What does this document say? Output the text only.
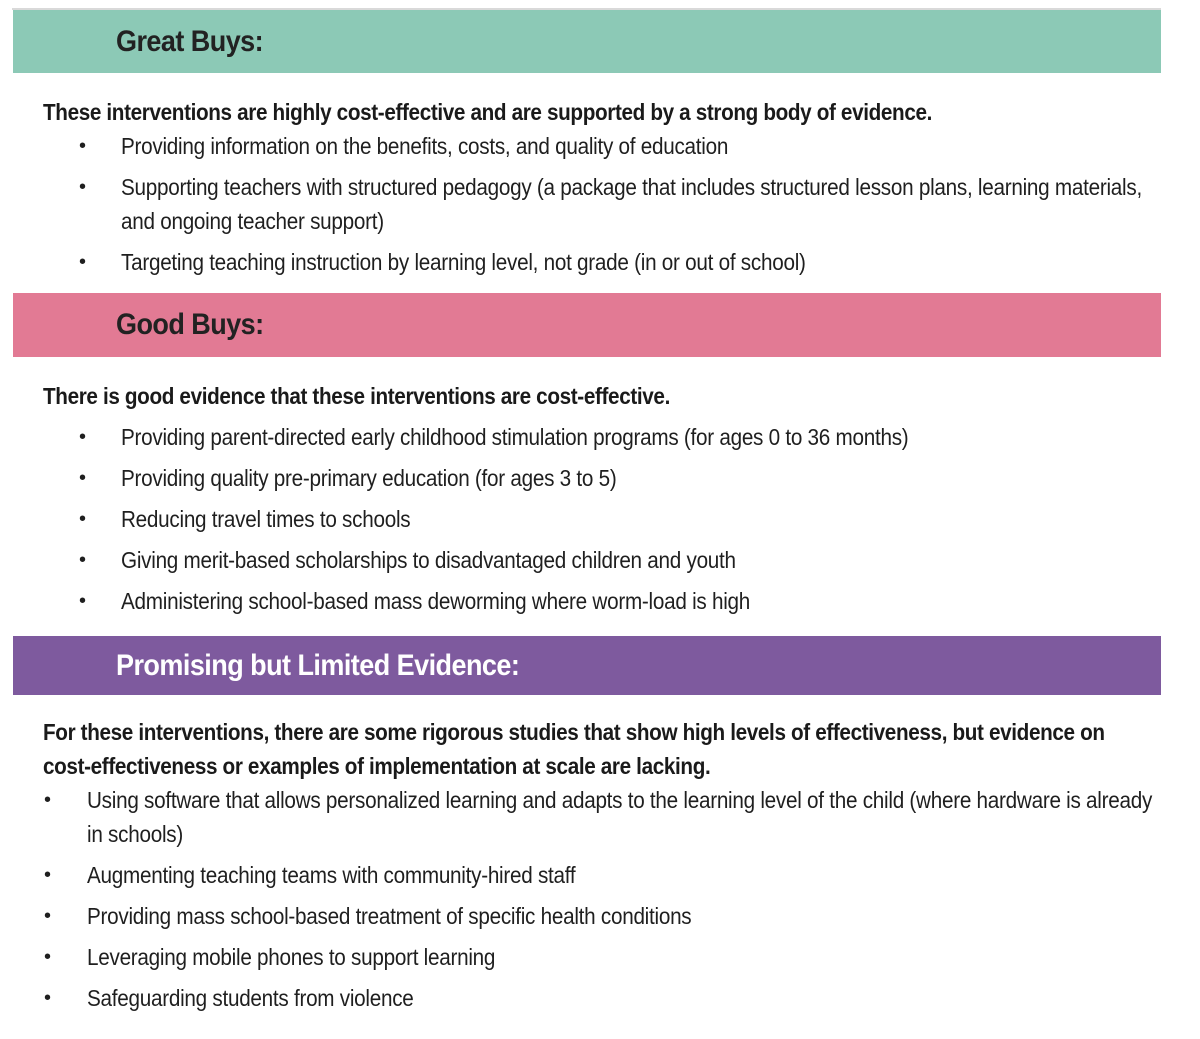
Great Buys:

These interventions are highly cost-effective and are supported by a strong body of evidence.

• Providing information on the benefits, costs, and quality of education
• Supporting teachers with structured pedagogy (a package that includes structured lesson plans, learning materials, and ongoing teacher support)
• Targeting teaching instruction by learning level, not grade (in or out of school)
Good Buys:

There is good evidence that these interventions are cost-effective.

• Providing parent-directed early childhood stimulation programs (for ages 0 to 36 months)
• Providing quality pre-primary education (for ages 3 to 5)
• Reducing travel times to schools
• Giving merit-based scholarships to disadvantaged children and youth
• Administering school-based mass deworming where worm-load is high
Promising but Limited Evidence:

For these interventions, there are some rigorous studies that show high levels of effectiveness, but evidence on cost-effectiveness or examples of implementation at scale are lacking.

• Using software that allows personalized learning and adapts to the learning level of the child (where hardware is already in schools)
• Augmenting teaching teams with community-hired staff
• Providing mass school-based treatment of specific health conditions
• Leveraging mobile phones to support learning
• Safeguarding students from violence
